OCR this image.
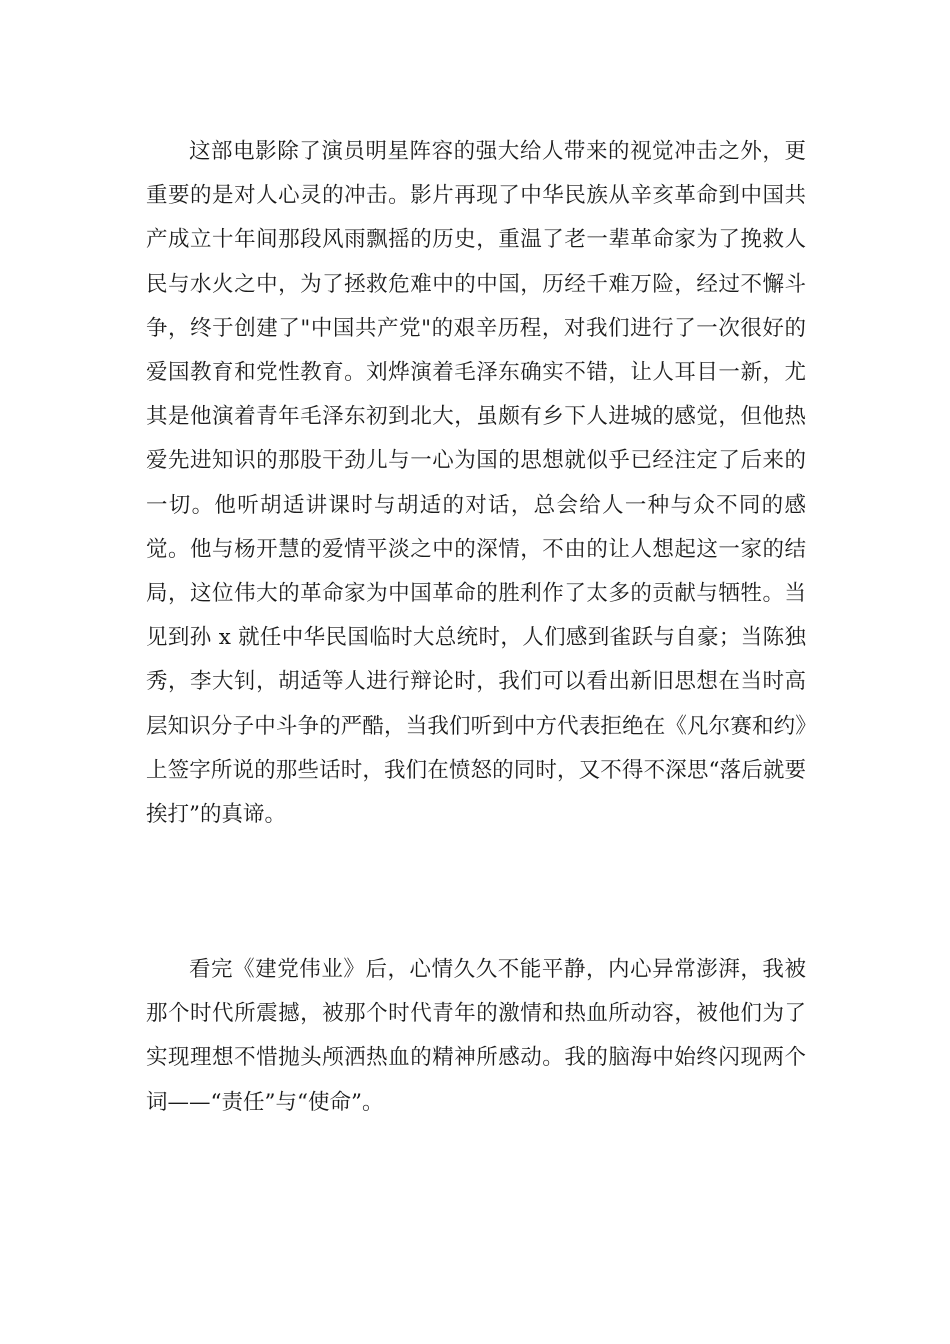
这部电影除了演员明星阵容的强大给人带来的视觉冲击之外，更重要的是对人心灵的冲击。影片再现了中华民族从辛亥革命到中国共产成立十年间那段风雨飘摇的历史，重温了老一辈革命家为了挽救人民与水火之中，为了拯救危难中的中国，历经千难万险，经过不懈斗争，终于创建了"中国共产党"的艰辛历程，对我们进行了一次很好的爱国教育和党性教育。刘烨演着毛泽东确实不错，让人耳目一新，尤其是他演着青年毛泽东初到北大，虽颇有乡下人进城的感觉，但他热爱先进知识的那股干劲儿与一心为国的思想就似乎已经注定了后来的一切。他听胡适讲课时与胡适的对话，总会给人一种与众不同的感觉。他与杨开慧的爱情平淡之中的深情，不由的让人想起这一家的结局，这位伟大的革命家为中国革命的胜利作了太多的贡献与牺牲。当见到孙 x 就任中华民国临时大总统时，人们感到雀跃与自豪；当陈独秀，李大钊，胡适等人进行辩论时，我们可以看出新旧思想在当时高层知识分子中斗争的严酷，当我们听到中方代表拒绝在《凡尔赛和约》上签字所说的那些话时，我们在愤怒的同时，又不得不深思“落后就要挨打”的真谛。

看完《建党伟业》后，心情久久不能平静，内心异常澎湃，我被那个时代所震撼，被那个时代青年的激情和热血所动容，被他们为了实现理想不惜抛头颅洒热血的精神所感动。我的脑海中始终闪现两个词——“责任”与“使命”。
